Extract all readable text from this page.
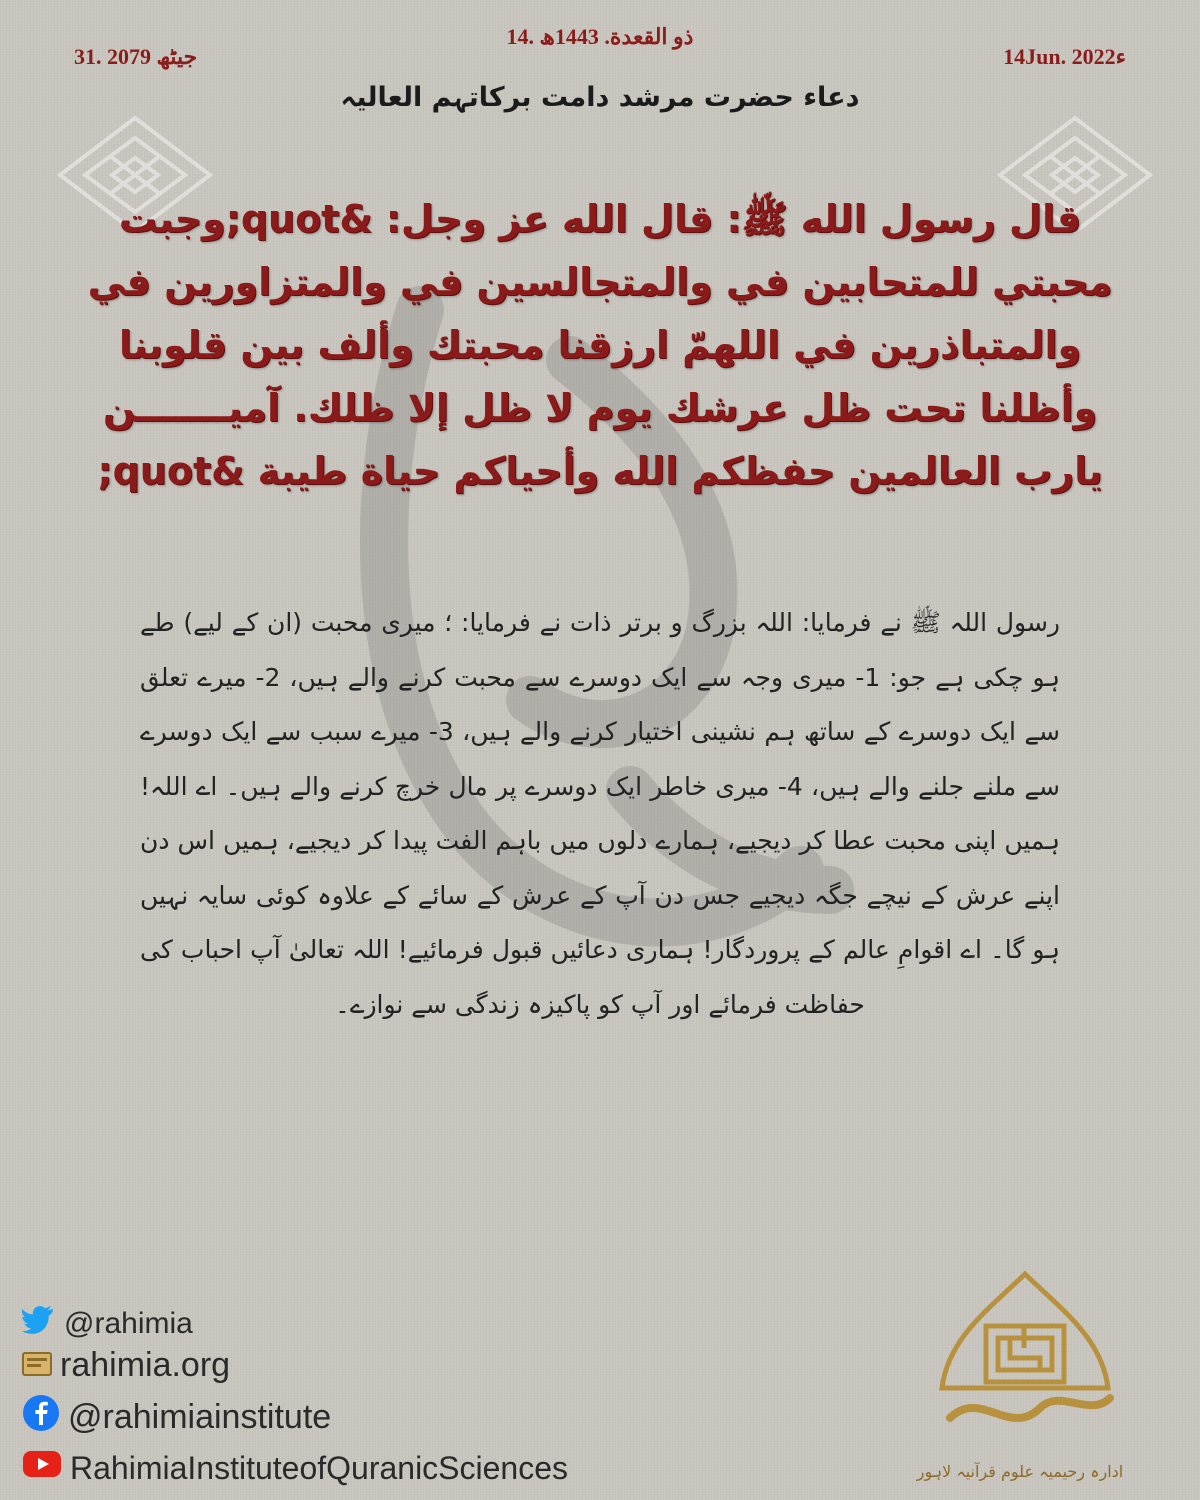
31. جیٹھ 2079
14. ذو القعدة. 1443ھ
14Jun. 2022ء
دعاء حضرت مرشد دامت برکاتہم العالیہ
قال رسول الله ﷺ: قال الله عز وجل: &quot;وجبت محبتي للمتحابين في والمتجالسين في والمتزاورين في والمتباذرين في اللهمّ ارزقنا محبتك وألف بين قلوبنا وأظلنا تحت ظل عرشك يوم لا ظل إلا ظلك. آميـــــــن يارب العالمين حفظكم الله وأحياكم حياة طيبة &quot;
رسول اللہ ﷺ نے فرمایا: اللہ بزرگ و برتر ذات نے فرمایا: ؛ میری محبت (ان کے لیے) طے ہو چکی ہے جو: 1- میری وجہ سے ایک دوسرے سے محبت کرنے والے ہیں، 2- میرے تعلق سے ایک دوسرے کے ساتھ ہم نشینی اختیار کرنے والے ہیں، 3- میرے سبب سے ایک دوسرے سے ملنے جلنے والے ہیں، 4- میری خاطر ایک دوسرے پر مال خرچ کرنے والے ہیں۔ اے اللہ! ہمیں اپنی محبت عطا کر دیجیے، ہمارے دلوں میں باہم الفت پیدا کر دیجیے، ہمیں اس دن اپنے عرش کے نیچے جگہ دیجیے جس دن آپ کے عرش کے سائے کے علاوہ کوئی سایہ نہیں ہو گا۔ اے اقوامِ عالم کے پروردگار! ہماری دعائیں قبول فرمائیے! اللہ تعالیٰ آپ احباب کی حفاظت فرمائے اور آپ کو پاکیزہ زندگی سے نوازے۔
@rahimia
rahimia.org
@rahimiainstitute
RahimiaInstituteofQuranicSciences	ادارہ رحیمیہ علوم قرآنیہ لاہور
